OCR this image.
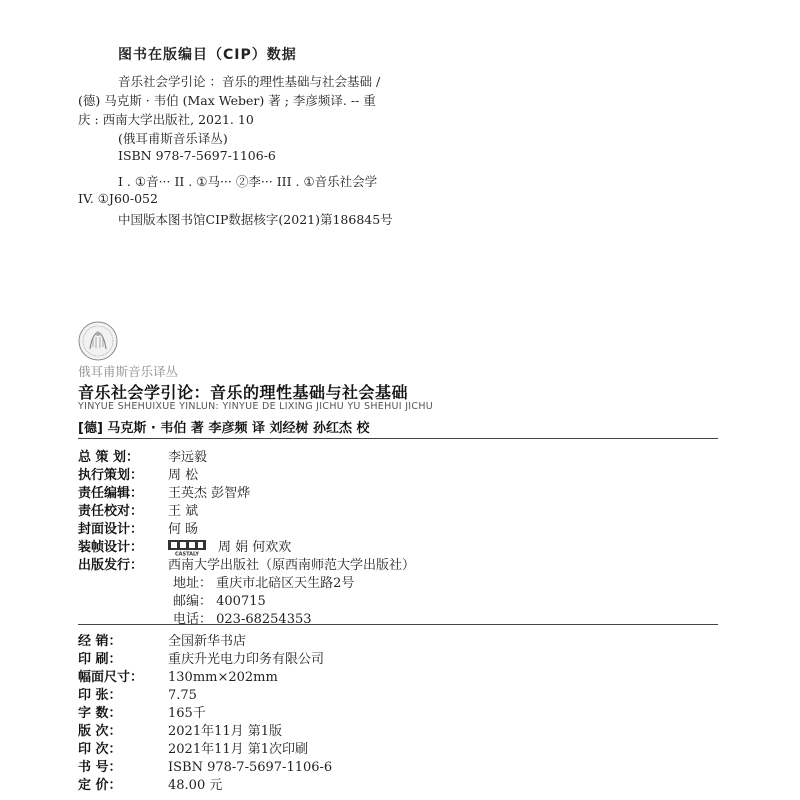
图书在版编目（CIP）数据
音乐社会学引论 ：音乐的理性基础与社会基础 /
(德) 马克斯 · 韦伯 (Max Weber) 著 ; 李彦频译. -- 重
庆 : 西南大学出版社, 2021. 10
(俄耳甫斯音乐译丛)
ISBN 978-7-5697-1106-6
I . ①音··· II . ①马··· ②李··· III . ①音乐社会学
IV. ①J60-052
中国版本图书馆CIP数据核字(2021)第186845号
俄耳甫斯音乐译丛
音乐社会学引论：音乐的理性基础与社会基础
YINYUE SHEHUIXUE YINLUN: YINYUE DE LIXING JICHU YU SHEHUI JICHU
[德] 马克斯 · 韦伯 著 李彦频 译 刘经树 孙红杰 校
总 策 划： 李远毅
执行策划： 周 松
责任编辑： 王英杰 彭智烨
责任校对： 王 斌
封面设计： 何 旸
装帧设计：	CASTALY 周 娟 何欢欢
出版发行： 西南大学出版社（原西南师范大学出版社）
地址： 重庆市北碚区天生路2号
邮编： 400715
电话： 023-68254353
经 销：	全国新华书店
印 刷：	重庆升光电力印务有限公司
幅面尺寸： 130mm×202mm
印 张：	7.75
字 数：	165千
版 次：	2021年11月 第1版
印 次：	2021年11月 第1次印刷
书 号：	ISBN 978-7-5697-1106-6
定 价：	48.00 元
